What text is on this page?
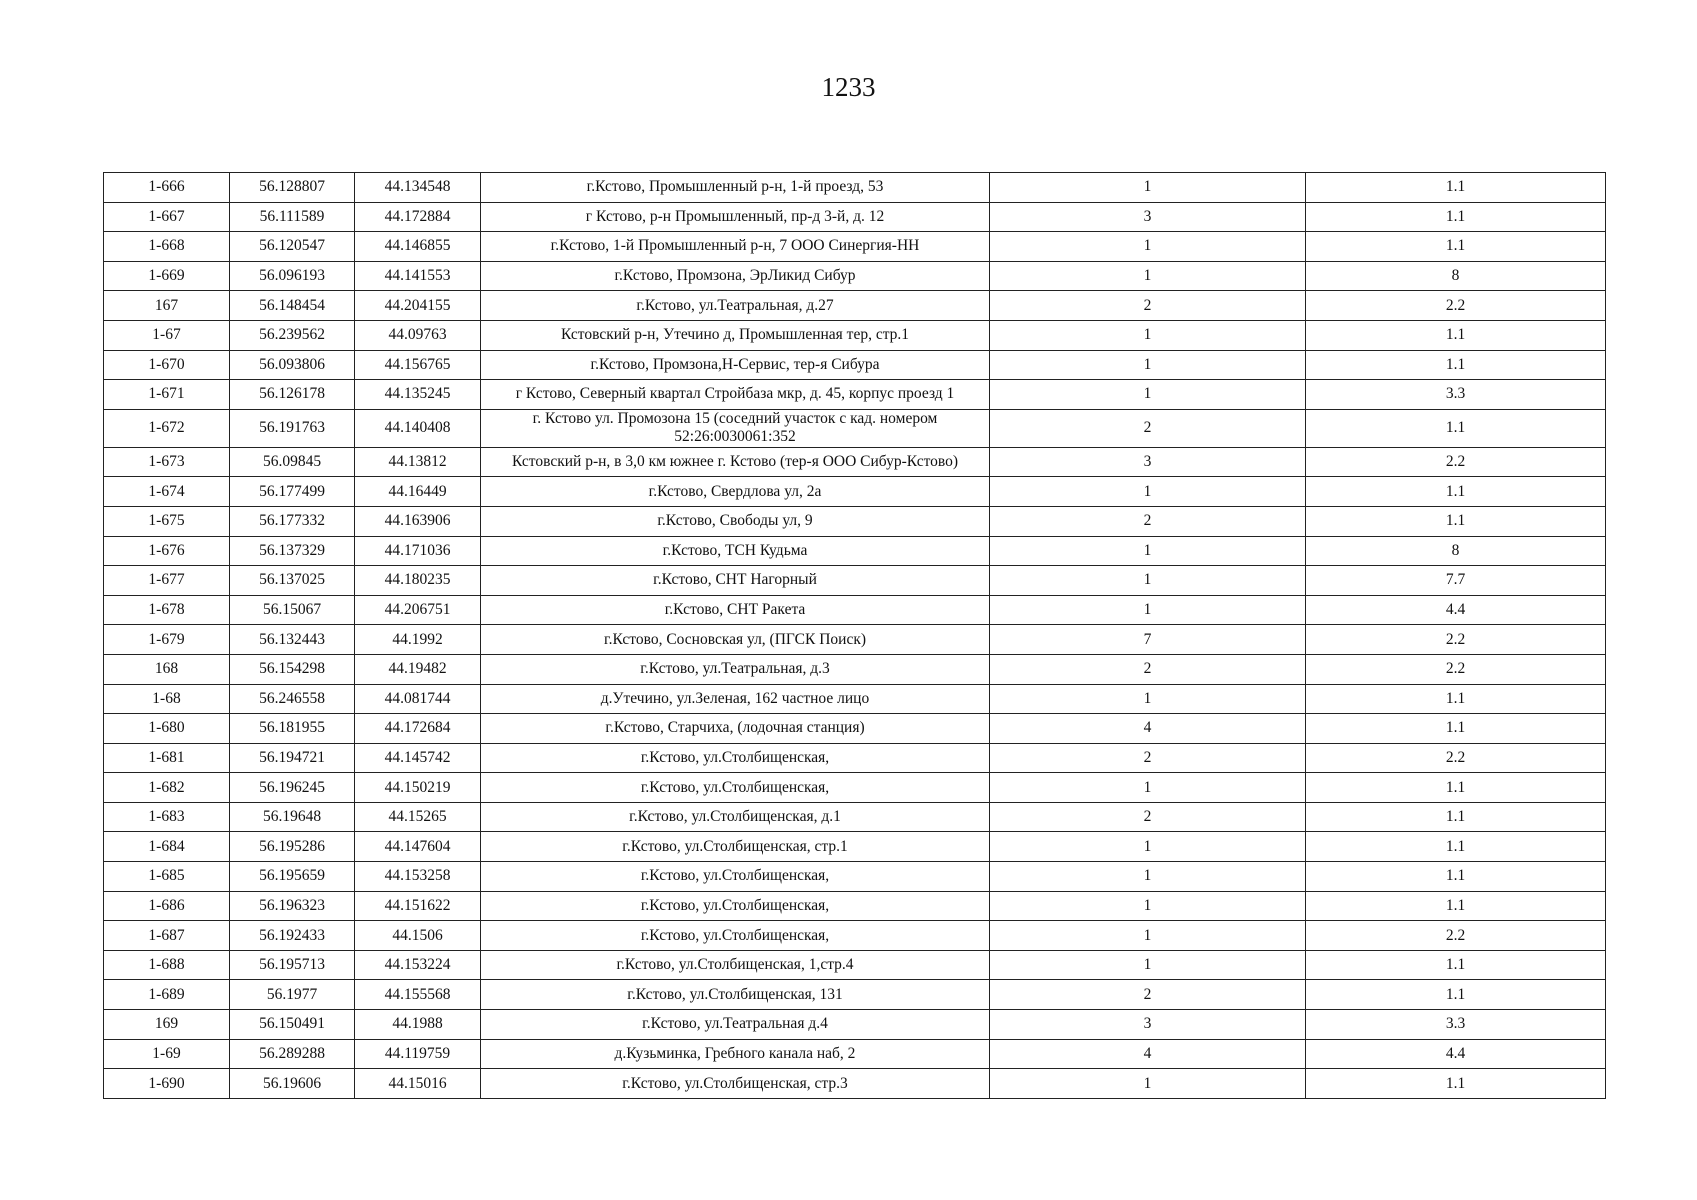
1233
1-666	56.128807	44.134548	г.Кстово, Промышленный р-н, 1-й проезд, 53	1	1.1
1-667	56.111589	44.172884	г Кстово, р-н Промышленный, пр-д 3-й, д. 12	3	1.1
1-668	56.120547	44.146855	г.Кстово, 1-й Промышленный р-н, 7 ООО Синергия-НН	1	1.1
1-669	56.096193	44.141553	г.Кстово, Промзона, ЭрЛикид Сибур	1	8
167	56.148454	44.204155	г.Кстово, ул.Театральная, д.27	2	2.2
1-67	56.239562	44.09763	Кстовский р-н, Утечино д, Промышленная тер, стр.1	1	1.1
1-670	56.093806	44.156765	г.Кстово, Промзона,Н-Сервис, тер-я Сибура	1	1.1
1-671	56.126178	44.135245	г Кстово, Северный квартал Стройбаза мкр, д. 45, корпус проезд 1	1	3.3
1-672	56.191763	44.140408	г. Кстово ул. Промозона 15 (соседний участок с кад. номером 52:26:0030061:352	2	1.1
1-673	56.09845	44.13812	Кстовский р-н, в 3,0 км южнее г. Кстово (тер-я ООО Сибур-Кстово)	3	2.2
1-674	56.177499	44.16449	г.Кстово, Свердлова ул, 2а	1	1.1
1-675	56.177332	44.163906	г.Кстово, Свободы ул, 9	2	1.1
1-676	56.137329	44.171036	г.Кстово, ТСН Кудьма	1	8
1-677	56.137025	44.180235	г.Кстово, СНТ Нагорный	1	7.7
1-678	56.15067	44.206751	г.Кстово, СНТ Ракета	1	4.4
1-679	56.132443	44.1992	г.Кстово, Сосновская ул, (ПГСК Поиск)	7	2.2
168	56.154298	44.19482	г.Кстово, ул.Театральная, д.3	2	2.2
1-68	56.246558	44.081744	д.Утечино, ул.Зеленая, 162 частное лицо	1	1.1
1-680	56.181955	44.172684	г.Кстово, Старчиха, (лодочная станция)	4	1.1
1-681	56.194721	44.145742	г.Кстово, ул.Столбищенская,	2	2.2
1-682	56.196245	44.150219	г.Кстово, ул.Столбищенская,	1	1.1
1-683	56.19648	44.15265	г.Кстово, ул.Столбищенская, д.1	2	1.1
1-684	56.195286	44.147604	г.Кстово, ул.Столбищенская, стр.1	1	1.1
1-685	56.195659	44.153258	г.Кстово, ул.Столбищенская,	1	1.1
1-686	56.196323	44.151622	г.Кстово, ул.Столбищенская,	1	1.1
1-687	56.192433	44.1506	г.Кстово, ул.Столбищенская,	1	2.2
1-688	56.195713	44.153224	г.Кстово, ул.Столбищенская, 1,стр.4	1	1.1
1-689	56.1977	44.155568	г.Кстово, ул.Столбищенская, 131	2	1.1
169	56.150491	44.1988	г.Кстово, ул.Театральная д.4	3	3.3
1-69	56.289288	44.119759	д.Кузьминка, Гребного канала наб, 2	4	4.4
1-690	56.19606	44.15016	г.Кстово, ул.Столбищенская, стр.3	1	1.1
